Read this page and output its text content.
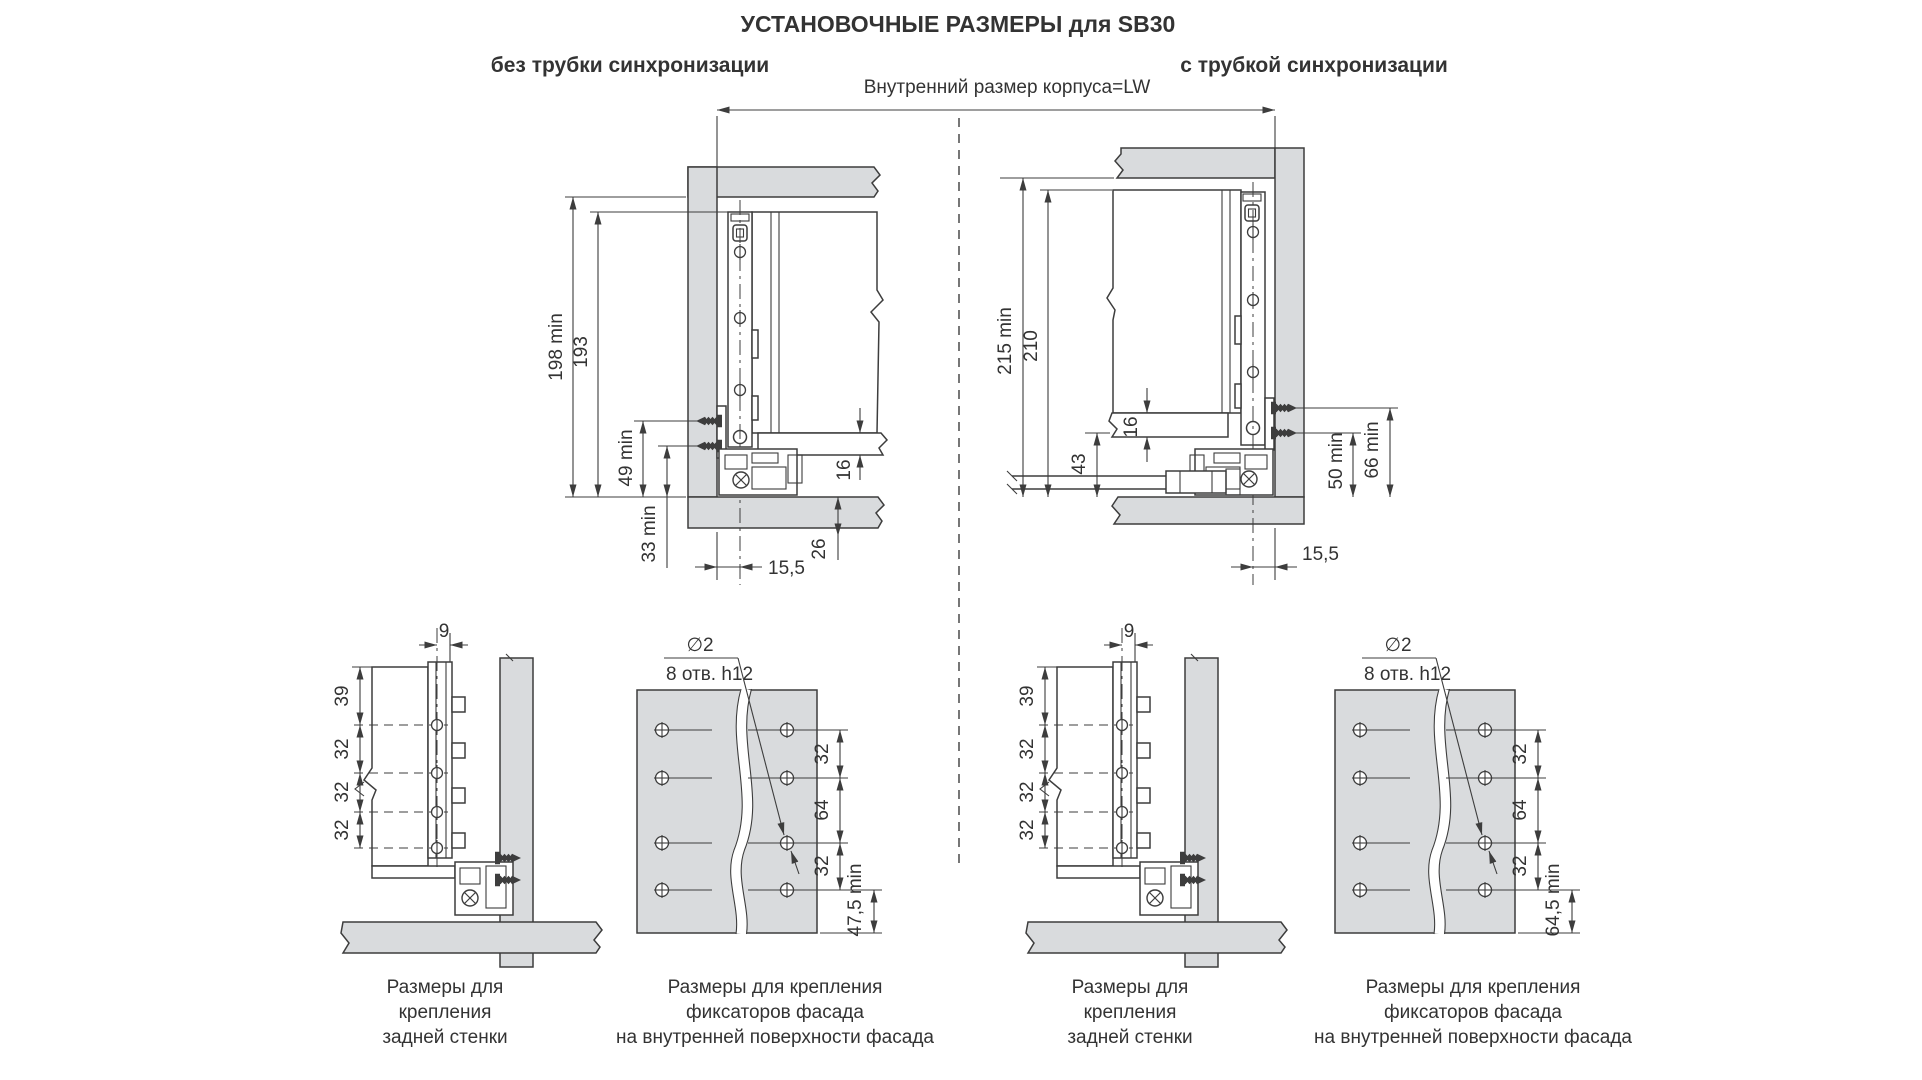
УСТАНОВОЧНЫЕ РАЗМЕРЫ для SB30
без трубки синхронизации	с трубкой синхронизации
Внутренний размер корпуса=LW
198 min 193
49 min
33 min
16
26
15,5
215 min 210
16
43	50 min 66 min
15,5
9
39
32
32
32
Размеры для
крепления
задней стенки
∅2
8 отв. h12
32
64
32 47,5 min
Размеры для крепления
фиксаторов фасада
на внутренней поверхности фасада
9
39
32
32
32
Размеры для
крепления
задней стенки
∅2
8 отв. h12
32
64
32 64,5 min
Размеры для крепления
фиксаторов фасада
на внутренней поверхности фасада
